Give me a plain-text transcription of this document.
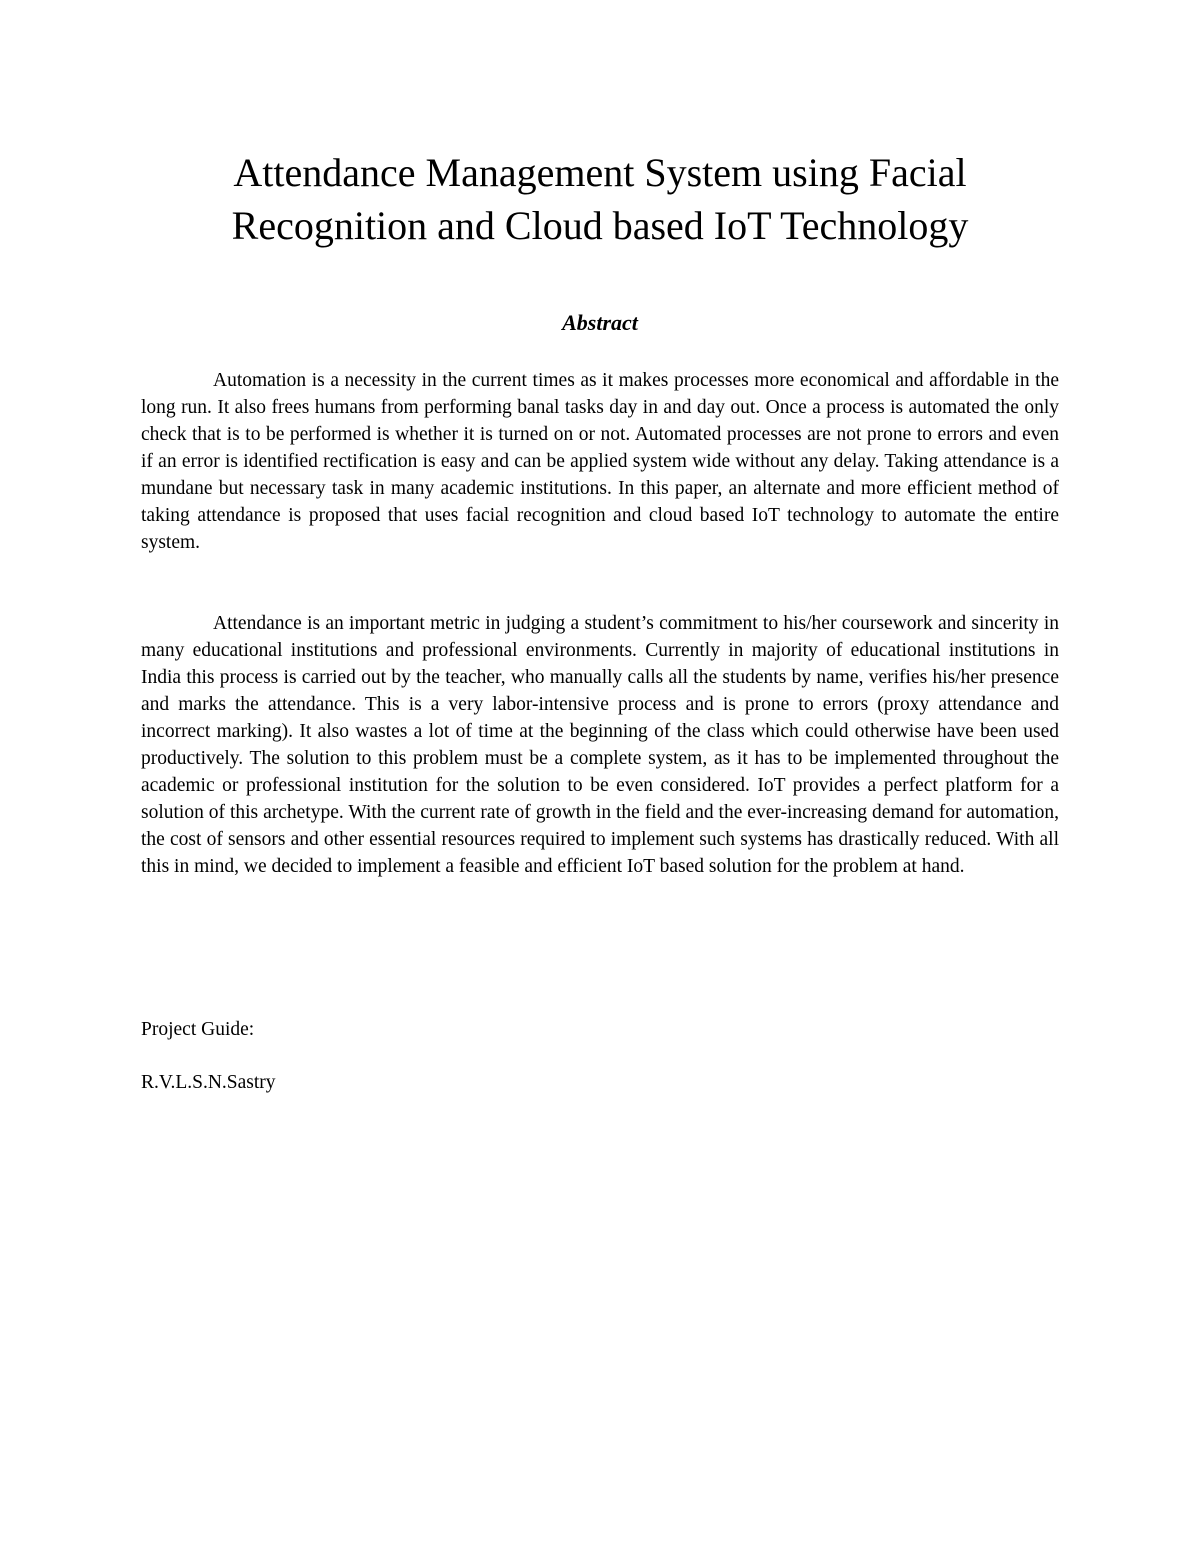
Attendance Management System using Facial
Recognition and Cloud based IoT Technology
Abstract

Automation is a necessity in the current times as it makes processes more economical and affordable in the long run. It also frees humans from performing banal tasks day in and day out. Once a process is automated the only check that is to be performed is whether it is turned on or not. Automated processes are not prone to errors and even if an error is identified rectification is easy and can be applied system wide without any delay. Taking attendance is a mundane but necessary task in many academic institutions. In this paper, an alternate and more efficient method of taking attendance is proposed that uses facial recognition and cloud based IoT technology to automate the entire system.

Attendance is an important metric in judging a student’s commitment to his/her coursework and sincerity in many educational institutions and professional environments. Currently in majority of educational institutions in India this process is carried out by the teacher, who manually calls all the students by name, verifies his/her presence and marks the attendance. This is a very labor-intensive process and is prone to errors (proxy attendance and incorrect marking). It also wastes a lot of time at the beginning of the class which could otherwise have been used productively. The solution to this problem must be a complete system, as it has to be implemented throughout the academic or professional institution for the solution to be even considered. IoT provides a perfect platform for a solution of this archetype. With the current rate of growth in the field and the ever-increasing demand for automation, the cost of sensors and other essential resources required to implement such systems has drastically reduced. With all this in mind, we decided to implement a feasible and efficient IoT based solution for the problem at hand.

Project Guide:

R.V.L.S.N.Sastry
